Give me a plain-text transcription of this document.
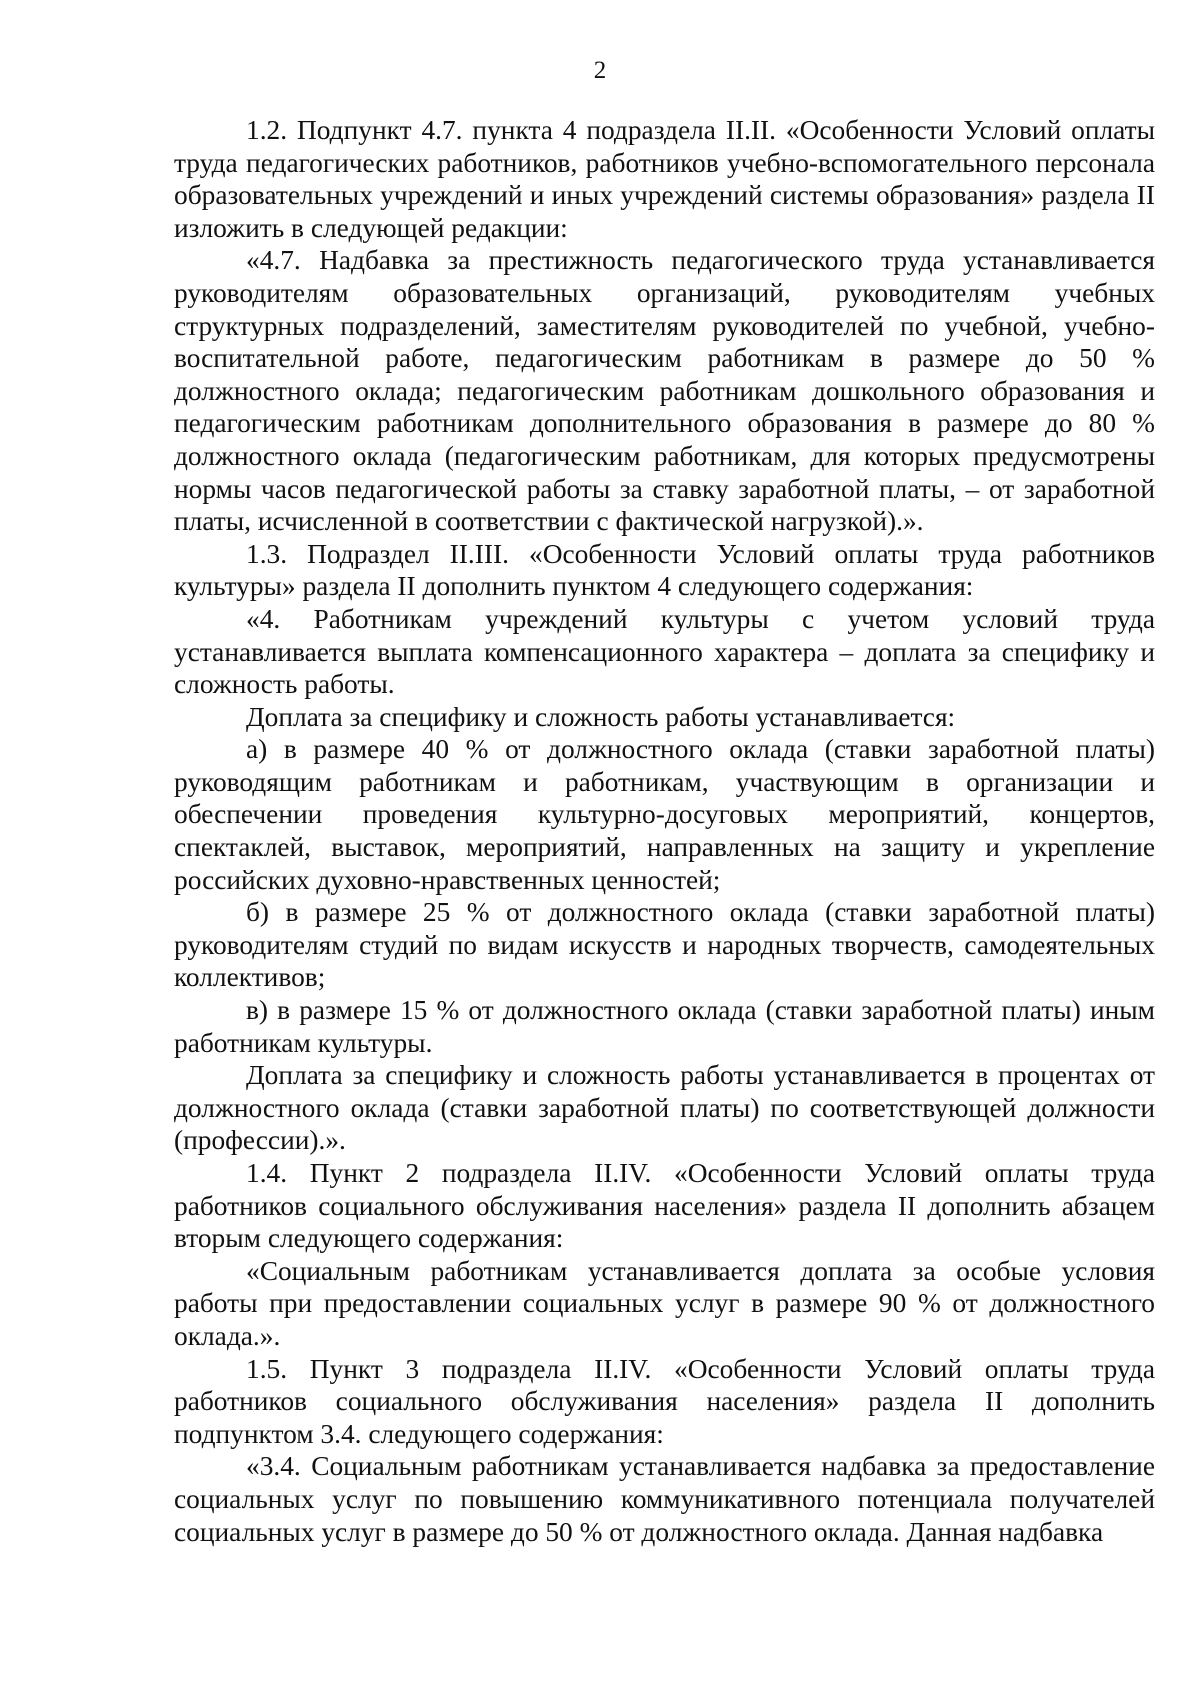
2

1.2. Подпункт 4.7. пункта 4 подраздела II.II. «Особенности Условий оплаты труда педагогических работников, работников учебно-вспомогательного персонала образовательных учреждений и иных учреждений системы образования» раздела II изложить в следующей редакции:

«4.7. Надбавка за престижность педагогического труда устанавливается руководителям образовательных организаций, руководителям учебных структурных подразделений, заместителям руководителей по учебной, учебно-воспитательной работе, педагогическим работникам в размере до 50 % должностного оклада; педагогическим работникам дошкольного образования и педагогическим работникам дополнительного образования в размере до 80 % должностного оклада (педагогическим работникам, для которых предусмотрены нормы часов педагогической работы за ставку заработной платы, – от заработной платы, исчисленной в соответствии с фактической нагрузкой).».

1.3. Подраздел II.III. «Особенности Условий оплаты труда работников культуры» раздела II дополнить пунктом 4 следующего содержания:

«4. Работникам учреждений культуры с учетом условий труда устанавливается выплата компенсационного характера – доплата за специфику и сложность работы.

Доплата за специфику и сложность работы устанавливается:

а) в размере 40 % от должностного оклада (ставки заработной платы) руководящим работникам и работникам, участвующим в организации и обеспечении проведения культурно-досуговых мероприятий, концертов, спектаклей, выставок, мероприятий, направленных на защиту и укрепление российских духовно-нравственных ценностей;

б) в размере 25 % от должностного оклада (ставки заработной платы) руководителям студий по видам искусств и народных творчеств, самодеятельных коллективов;

в) в размере 15 % от должностного оклада (ставки заработной платы) иным работникам культуры.

Доплата за специфику и сложность работы устанавливается в процентах от должностного оклада (ставки заработной платы) по соответствующей должности (профессии).».

1.4. Пункт 2 подраздела II.IV. «Особенности Условий оплаты труда работников социального обслуживания населения» раздела II дополнить абзацем вторым следующего содержания:

«Социальным работникам устанавливается доплата за особые условия работы при предоставлении социальных услуг в размере 90 % от должностного оклада.».

1.5. Пункт 3 подраздела II.IV. «Особенности Условий оплаты труда работников социального обслуживания населения» раздела II дополнить подпунктом 3.4. следующего содержания:

«3.4. Социальным работникам устанавливается надбавка за предоставление социальных услуг по повышению коммуникативного потенциала получателей социальных услуг в размере до 50 % от должностного оклада. Данная надбавка
